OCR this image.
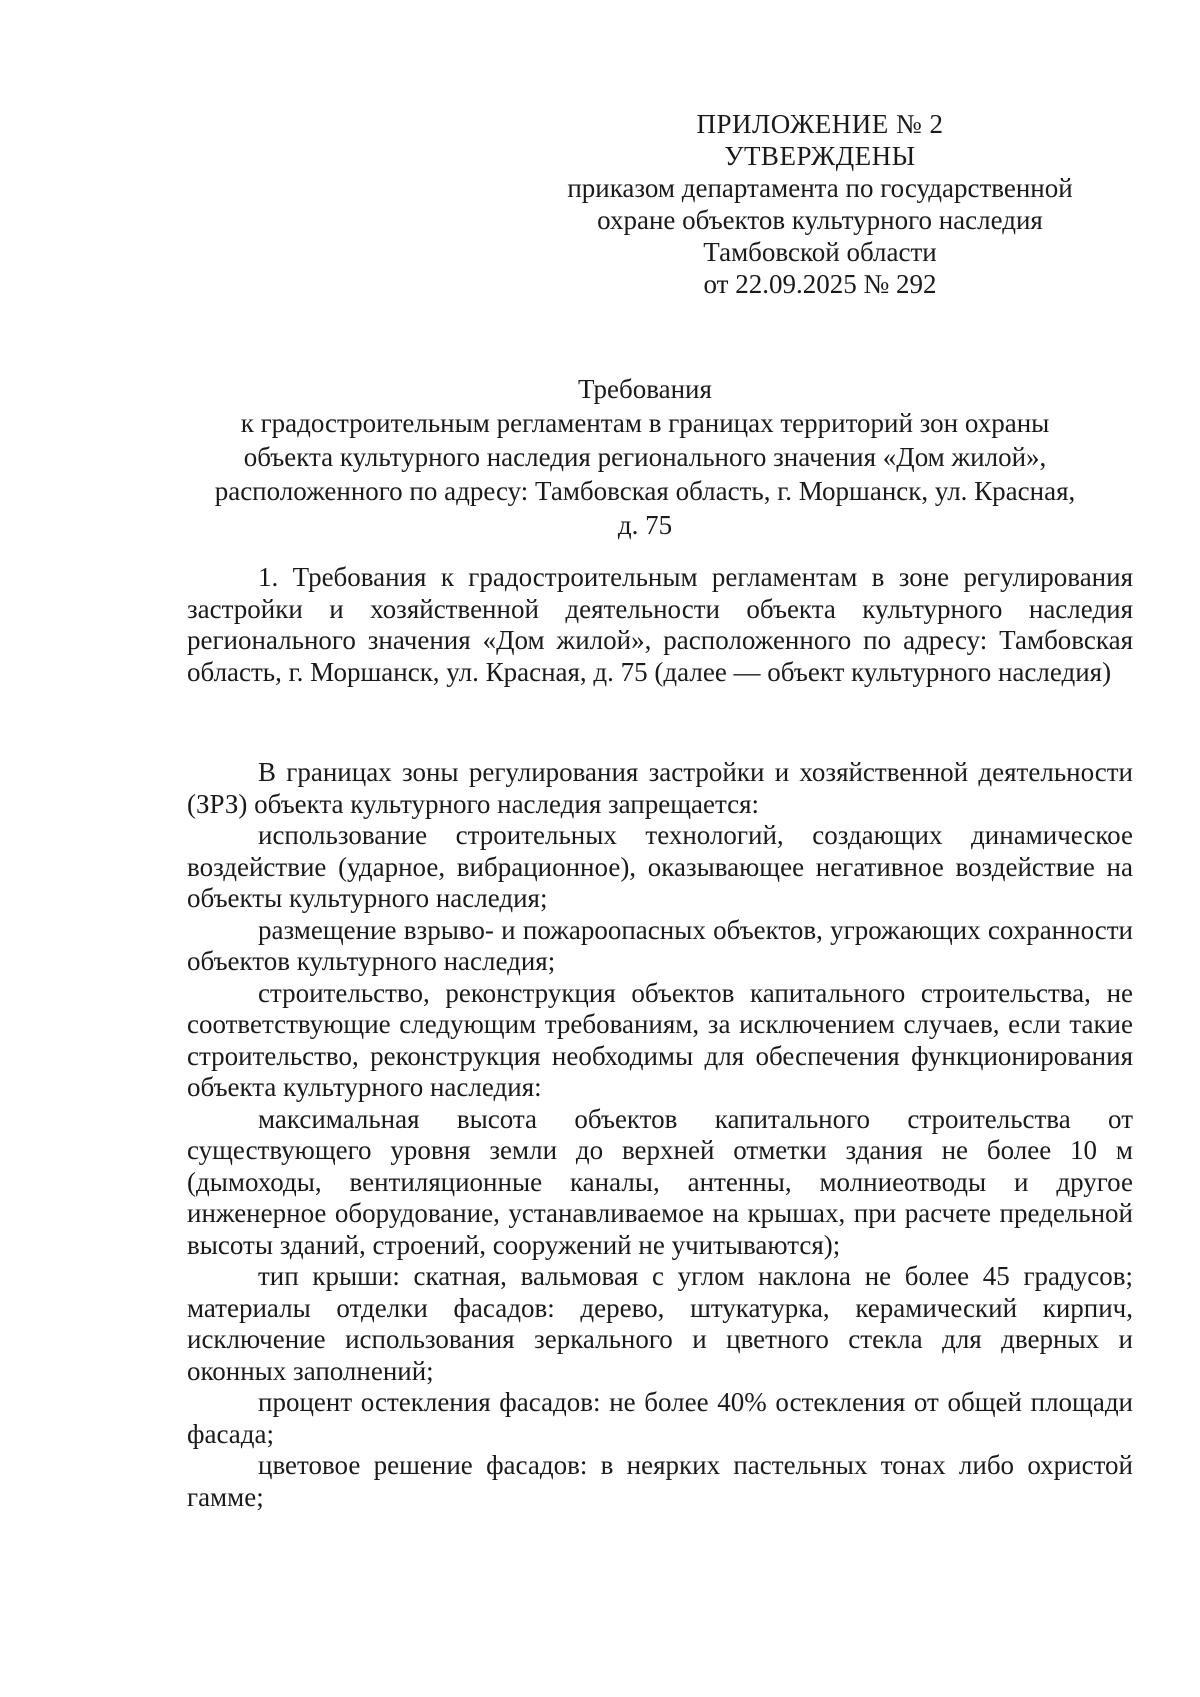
ПРИЛОЖЕНИЕ № 2
УТВЕРЖДЕНЫ
приказом департамента по государственной
охране объектов культурного наследия
Тамбовской области
от 22.09.2025 № 292
Требования
к градостроительным регламентам в границах территорий зон охраны
объекта культурного наследия регионального значения «Дом жилой»,
расположенного по адресу: Тамбовская область, г. Моршанск, ул. Красная,
д. 75

1. Требования к градостроительным регламентам в зоне регулирования застройки и хозяйственной деятельности объекта культурного наследия регионального значения «Дом жилой», расположенного по адресу: Тамбовская область, г. Моршанск, ул. Красная, д. 75 (далее — объект культурного наследия)

В границах зоны регулирования застройки и хозяйственной деятельности (ЗРЗ) объекта культурного наследия запрещается:

использование строительных технологий, создающих динамическое воздействие (ударное, вибрационное), оказывающее негативное воздействие на объекты культурного наследия;

размещение взрыво- и пожароопасных объектов, угрожающих сохранности объектов культурного наследия;

строительство, реконструкция объектов капитального строительства, не соответствующие следующим требованиям, за исключением случаев, если такие строительство, реконструкция необходимы для обеспечения функционирования объекта культурного наследия:

максимальная высота объектов капитального строительства от существующего уровня земли до верхней отметки здания не более 10 м (дымоходы, вентиляционные каналы, антенны, молниеотводы и другое инженерное оборудование, устанавливаемое на крышах, при расчете предельной высоты зданий, строений, сооружений не учитываются);

тип крыши: скатная, вальмовая с углом наклона не более 45 градусов; материалы отделки фасадов: дерево, штукатурка, керамический кирпич, исключение использования зеркального и цветного стекла для дверных и оконных заполнений;

процент остекления фасадов: не более 40% остекления от общей площади фасада;

цветовое решение фасадов: в неярких пастельных тонах либо охристой гамме;
